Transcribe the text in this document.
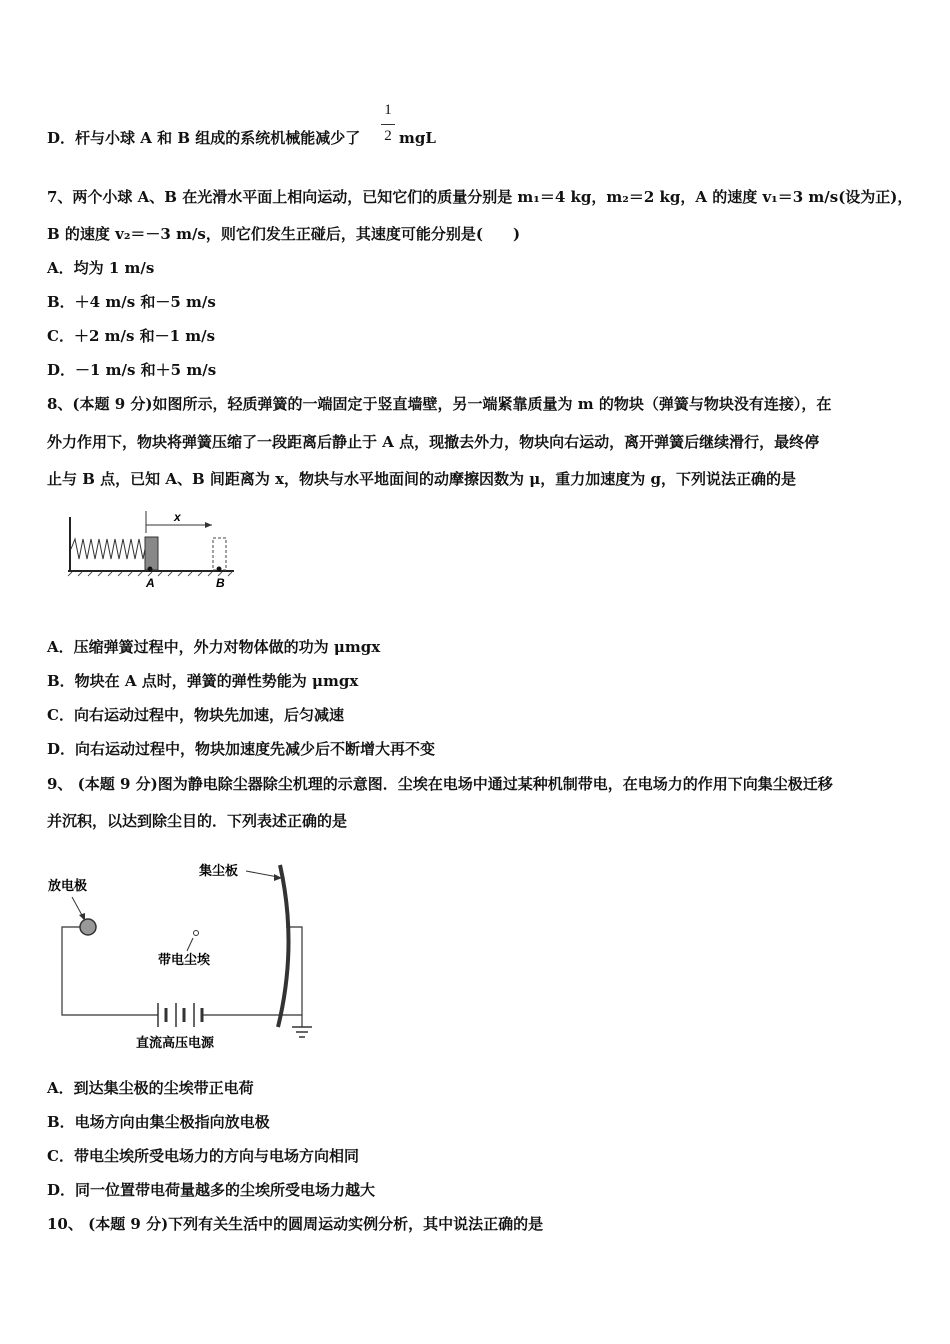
D．杆与小球 A 和 B 组成的系统机械能减少了
1
2 mgL
7、两个小球 A、B 在光滑水平面上相向运动，已知它们的质量分别是 m₁＝4 kg，m₂＝2 kg，A 的速度 v₁＝3 m/s(设为正)，
B 的速度 v₂＝－3 m/s，则它们发生正碰后，其速度可能分别是(　　)
A．均为 1 m/s
B．＋4 m/s 和－5 m/s
C．＋2 m/s 和－1 m/s
D．－1 m/s 和＋5 m/s
8、(本题 9 分)如图所示，轻质弹簧的一端固定于竖直墙壁，另一端紧靠质量为 m 的物块（弹簧与物块没有连接），在
外力作用下，物块将弹簧压缩了一段距离后静止于 A 点，现撤去外力，物块向右运动，离开弹簧后继续滑行，最终停
止与 B 点，已知 A、B 间距离为 x，物块与水平地面间的动摩擦因数为 μ，重力加速度为 g，下列说法正确的是
x
A	B
A．压缩弹簧过程中，外力对物体做的功为 μmgx
B．物块在 A 点时，弹簧的弹性势能为 μmgx
C．向右运动过程中，物块先加速，后匀减速
D．向右运动过程中，物块加速度先减少后不断增大再不变
9、 (本题 9 分)图为静电除尘器除尘机理的示意图．尘埃在电场中通过某种机制带电，在电场力的作用下向集尘极迁移
并沉积，以达到除尘目的．下列表述正确的是
放电极
集尘板
带电尘埃
直流高压电源
A．到达集尘极的尘埃带正电荷
B．电场方向由集尘极指向放电极
C．带电尘埃所受电场力的方向与电场方向相同
D．同一位置带电荷量越多的尘埃所受电场力越大
10、 (本题 9 分)下列有关生活中的圆周运动实例分析，其中说法正确的是
